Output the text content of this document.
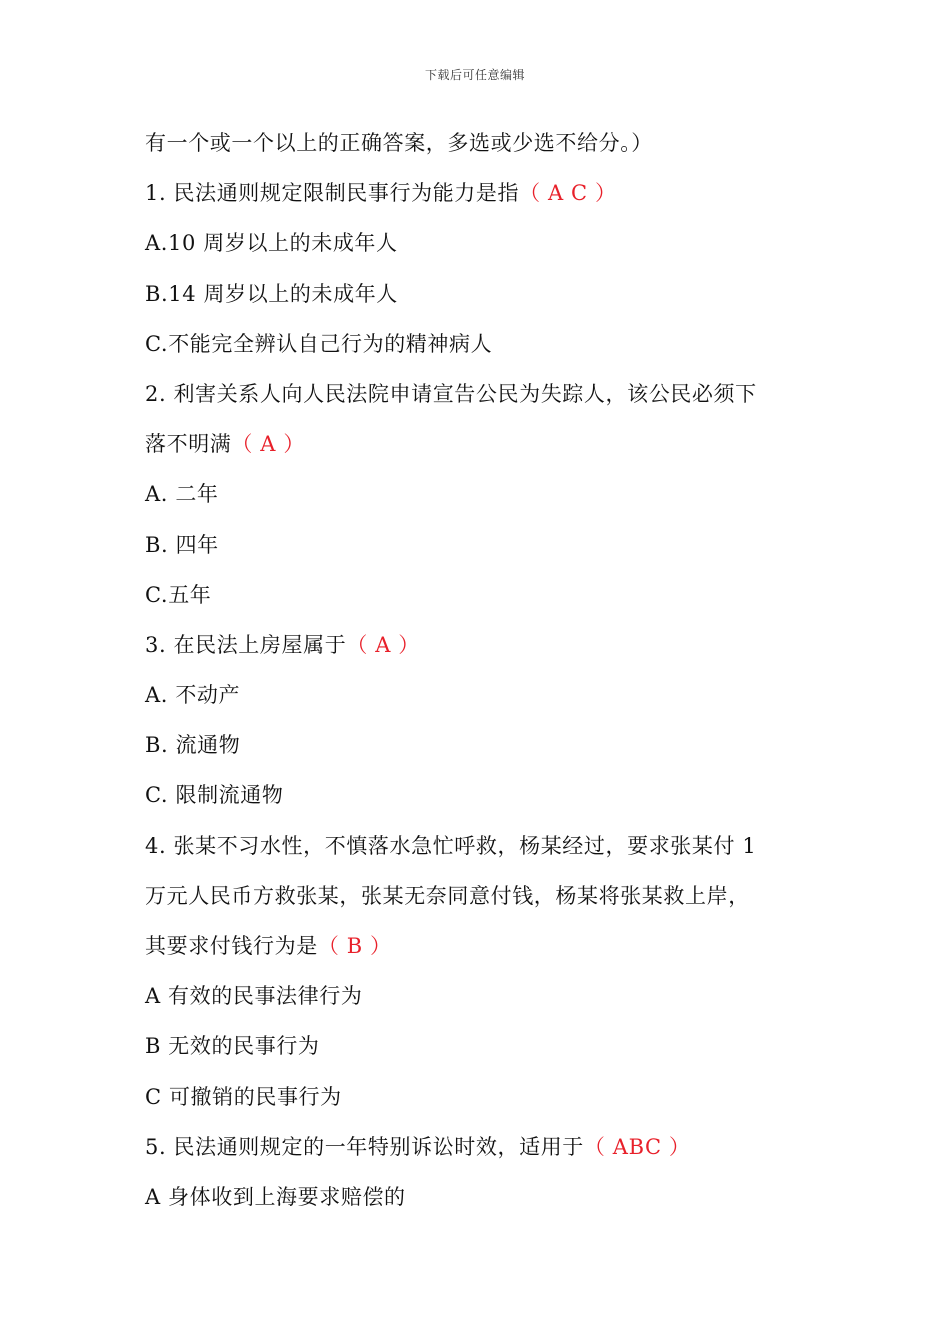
下载后可任意编辑
有一个或一个以上的正确答案，多选或少选不给分。）
1. 民法通则规定限制民事行为能力是指（ A C ）
A.10 周岁以上的未成年人
B.14 周岁以上的未成年人
C.不能完全辨认自己行为的精神病人
2. 利害关系人向人民法院申请宣告公民为失踪人，该公民必须下
落不明满（ A ）
A. 二年
B. 四年
C.五年
3. 在民法上房屋属于（ A ）
A. 不动产
B. 流通物
C. 限制流通物
4. 张某不习水性，不慎落水急忙呼救，杨某经过，要求张某付 1
万元人民币方救张某，张某无奈同意付钱，杨某将张某救上岸，
其要求付钱行为是（ B ）
A 有效的民事法律行为
B 无效的民事行为
C 可撤销的民事行为
5. 民法通则规定的一年特别诉讼时效，适用于（ ABC ）
A 身体收到上海要求赔偿的
